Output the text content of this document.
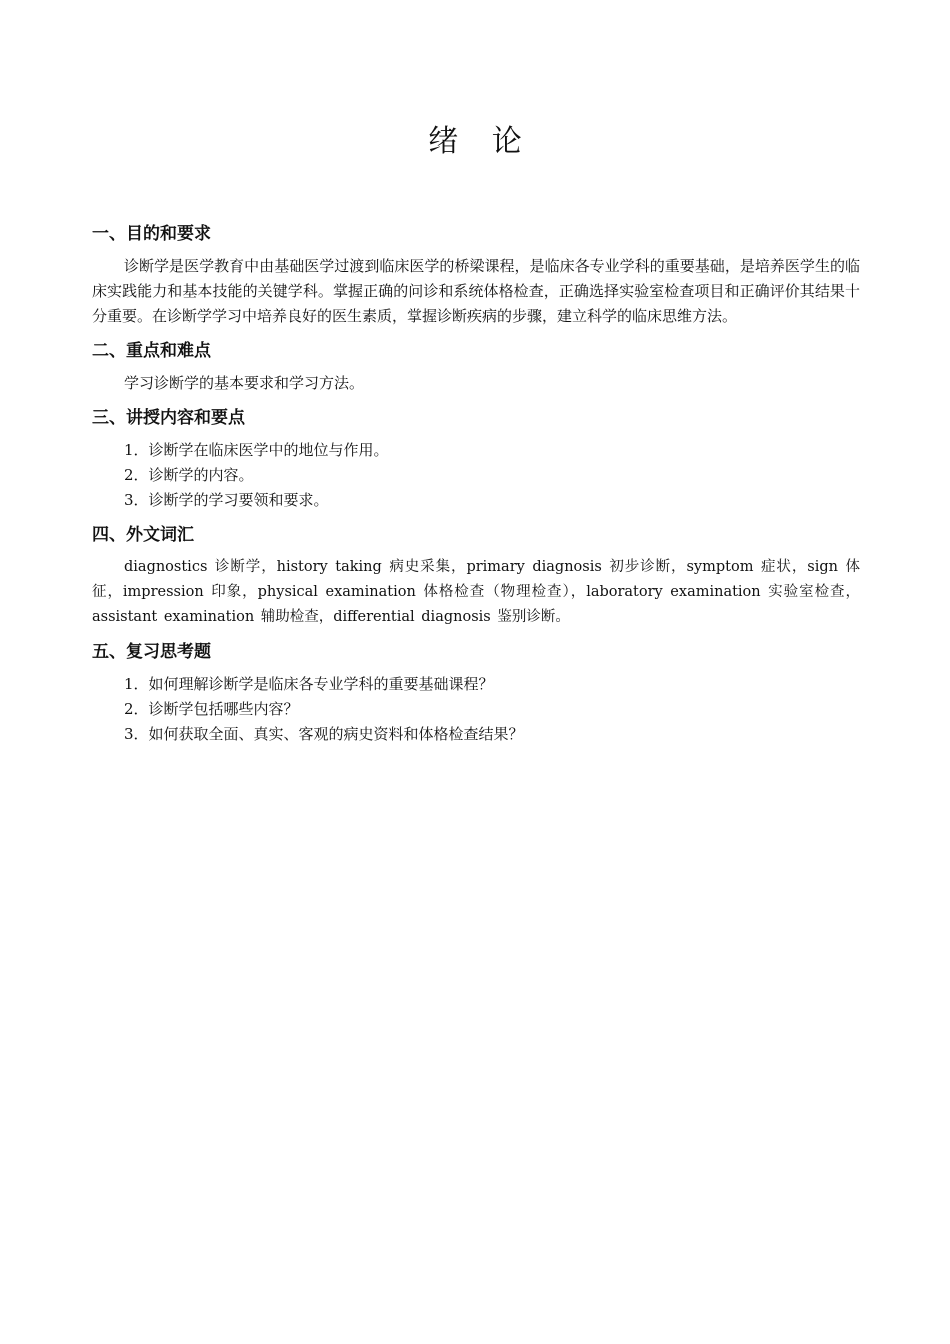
绪 论
一、目的和要求

诊断学是医学教育中由基础医学过渡到临床医学的桥梁课程，是临床各专业学科的重要基础，是培养医学生的临床实践能力和基本技能的关键学科。掌握正确的问诊和系统体格检查，正确选择实验室检查项目和正确评价其结果十分重要。在诊断学学习中培养良好的医生素质，掌握诊断疾病的步骤，建立科学的临床思维方法。

二、重点和难点

学习诊断学的基本要求和学习方法。

三、讲授内容和要点
1．诊断学在临床医学中的地位与作用。
2．诊断学的内容。
3．诊断学的学习要领和要求。
四、外文词汇

diagnostics 诊断学，history taking 病史采集，primary diagnosis 初步诊断，symptom 症状，sign 体征，impression 印象，physical examination 体格检查（物理检查），laboratory examination 实验室检查，assistant examination 辅助检查，differential diagnosis 鉴别诊断。

五、复习思考题
1．如何理解诊断学是临床各专业学科的重要基础课程？
2．诊断学包括哪些内容？
3．如何获取全面、真实、客观的病史资料和体格检查结果？
